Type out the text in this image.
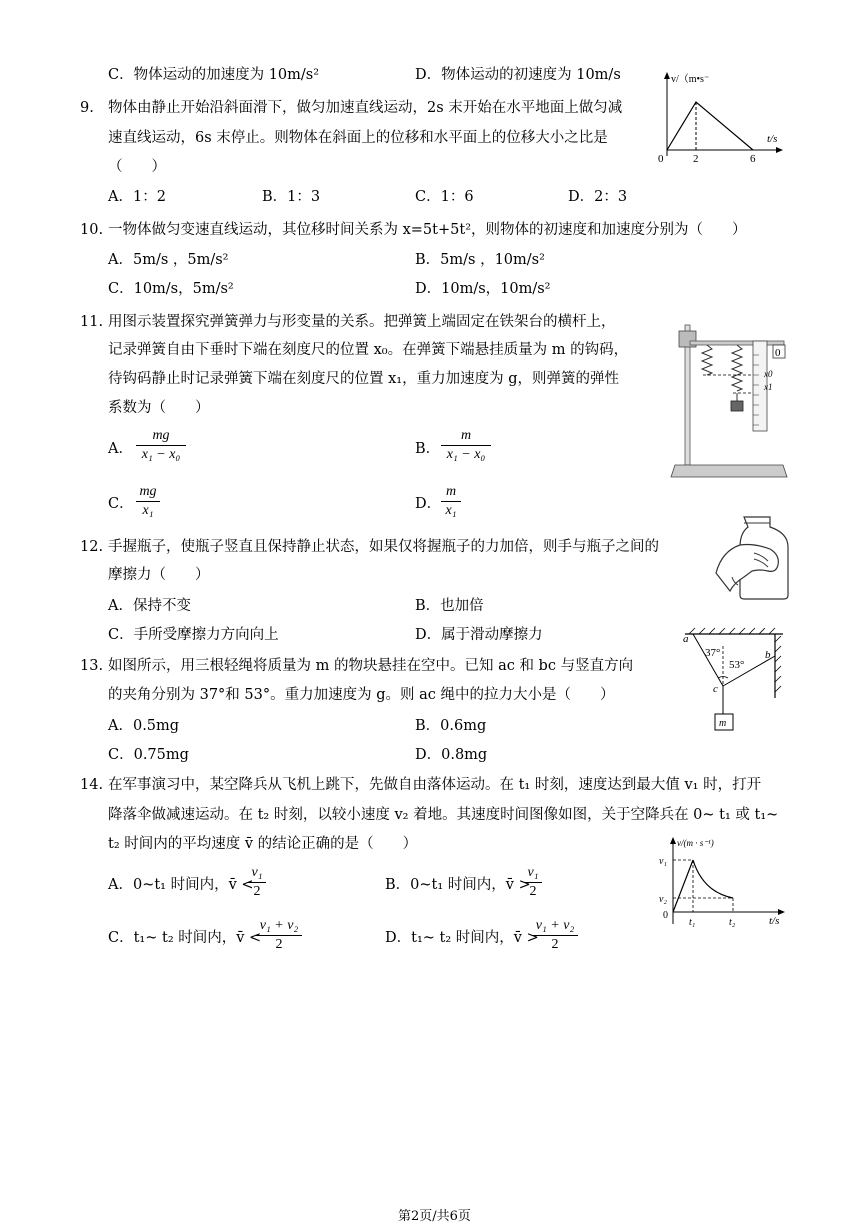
C．物体运动的加速度为 10m/s²	D．物体运动的初速度为 10m/s
9. 物体由静止开始沿斜面滑下，做匀加速直线运动，2s 末开始在水平地面上做匀减
速直线运动，6s 末停止。则物体在斜面上的位移和水平面上的位移大小之比是
（　　）
A．1：2	B．1：3	C．1：6	D．2：3
v/（m•s⁻
t/s
0	2	6
10. 一物体做匀变速直线运动，其位移时间关系为 x=5t+5t²，则物体的初速度和加速度分别为（　　）
A．5m/s ，5m/s²	B．5m/s ，10m/s²
C．10m/s，5m/s²	D．10m/s，10m/s²
11. 用图示装置探究弹簧弹力与形变量的关系。把弹簧上端固定在铁架台的横杆上，
记录弹簧自由下垂时下端在刻度尺的位置 x₀。在弹簧下端悬挂质量为 m 的钩码，
待钩码静止时记录弹簧下端在刻度尺的位置 x₁，重力加速度为 g，则弹簧的弹性
系数为（　　）
A．
mg
x₁ − x₀	B．
m
x₁ − x₀
C．
mg
x₁	D．
m
x₁
0
x0
x1
12. 手握瓶子，使瓶子竖直且保持静止状态，如果仅将握瓶子的力加倍，则手与瓶子之间的
摩擦力（　　）
A．保持不变	B．也加倍
C．手所受摩擦力方向向上	D．属于滑动摩擦力
13. 如图所示，用三根轻绳将质量为 m 的物块悬挂在空中。已知 ac 和 bc 与竖直方向
的夹角分别为 37°和 53°。重力加速度为 g。则 ac 绳中的拉力大小是（　　）
A．0.5mg	B．0.6mg
C．0.75mg	D．0.8mg
a
b
c
m
37°
53°
14. 在军事演习中，某空降兵从飞机上跳下，先做自由落体运动。在 t₁ 时刻，速度达到最大值 v₁ 时，打开
降落伞做减速运动。在 t₂ 时刻，以较小速度 v₂ 着地。其速度时间图像如图，关于空降兵在 0~ t₁ 或 t₁~
t₂ 时间内的平均速度 v̄ 的结论正确的是（　　）
A．0~t₁ 时间内，v̄ <
v₁
2	B．0~t₁ 时间内，v̄ >
v₁
2
C．t₁~ t₂ 时间内，v̄ <
v₁ + v₂
2	D．t₁~ t₂ 时间内，v̄ >
v₁ + v₂
2
v/(m · s⁻¹)
t/s
v₁
v₂
0
t₁	t₂
第2页/共6页
